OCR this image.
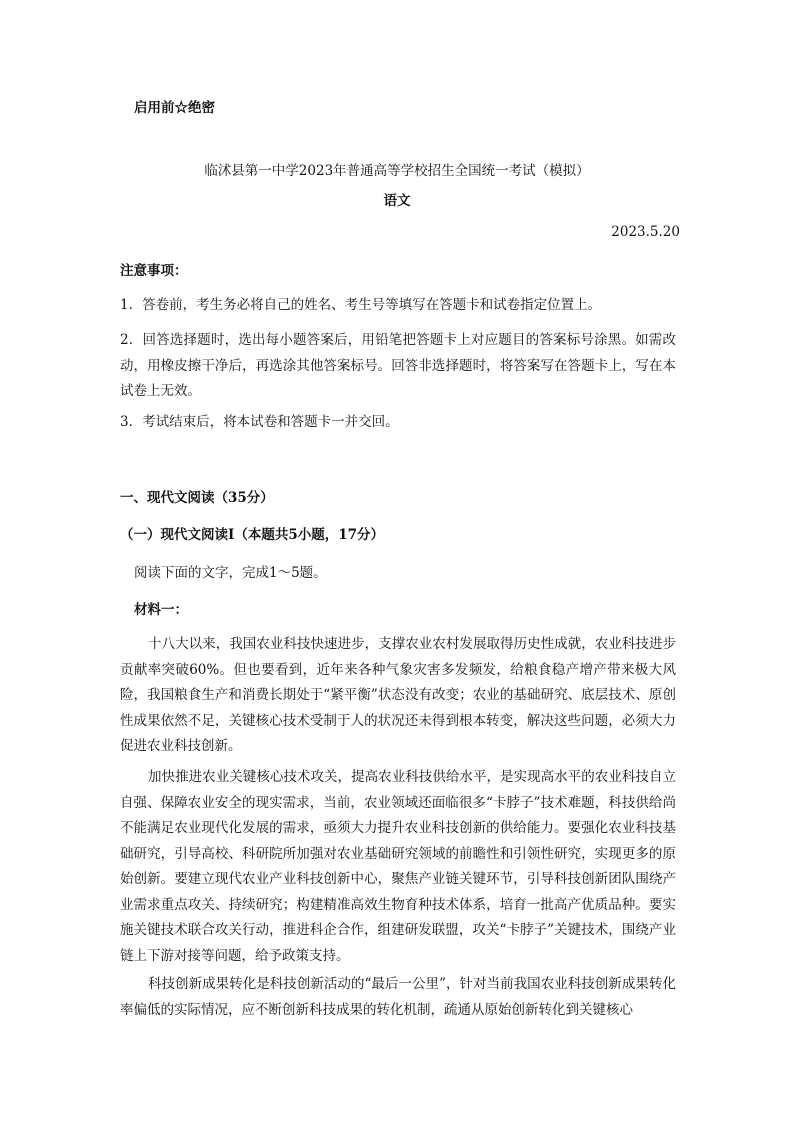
启用前☆绝密
临沭县第一中学2023年普通高等学校招生全国统一考试（模拟）
语文
2023.5.20
注意事项：
1．答卷前，考生务必将自己的姓名、考生号等填写在答题卡和试卷指定位置上。
2．回答选择题时，选出每小题答案后，用铅笔把答题卡上对应题目的答案标号涂黑。如需改动，用橡皮擦干净后，再选涂其他答案标号。回答非选择题时，将答案写在答题卡上，写在本试卷上无效。
3．考试结束后，将本试卷和答题卡一并交回。
一、现代文阅读（35分）
（一）现代文阅读Ⅰ（本题共5小题，17分）
阅读下面的文字，完成1～5题。
材料一：
十八大以来，我国农业科技快速进步，支撑农业农村发展取得历史性成就，农业科技进步贡献率突破60%。但也要看到，近年来各种气象灾害多发频发，给粮食稳产增产带来极大风险，我国粮食生产和消费长期处于“紧平衡”状态没有改变；农业的基础研究、底层技术、原创性成果依然不足，关键核心技术受制于人的状况还未得到根本转变，解决这些问题，必须大力促进农业科技创新。
加快推进农业关键核心技术攻关，提高农业科技供给水平，是实现高水平的农业科技自立自强、保障农业安全的现实需求，当前，农业领域还面临很多“卡脖子”技术难题，科技供给尚不能满足农业现代化发展的需求，亟须大力提升农业科技创新的供给能力。要强化农业科技基础研究，引导高校、科研院所加强对农业基础研究领域的前瞻性和引领性研究，实现更多的原始创新。要建立现代农业产业科技创新中心，聚焦产业链关键环节，引导科技创新团队围绕产业需求重点攻关、持续研究；构建精准高效生物育种技术体系，培育一批高产优质品种。要实施关键技术联合攻关行动，推进科企合作，组建研发联盟，攻关“卡脖子”关键技术，围绕产业链上下游对接等问题，给予政策支持。
科技创新成果转化是科技创新活动的“最后一公里”，针对当前我国农业科技创新成果转化率偏低的实际情况，应不断创新科技成果的转化机制，疏通从原始创新转化到关键核心
